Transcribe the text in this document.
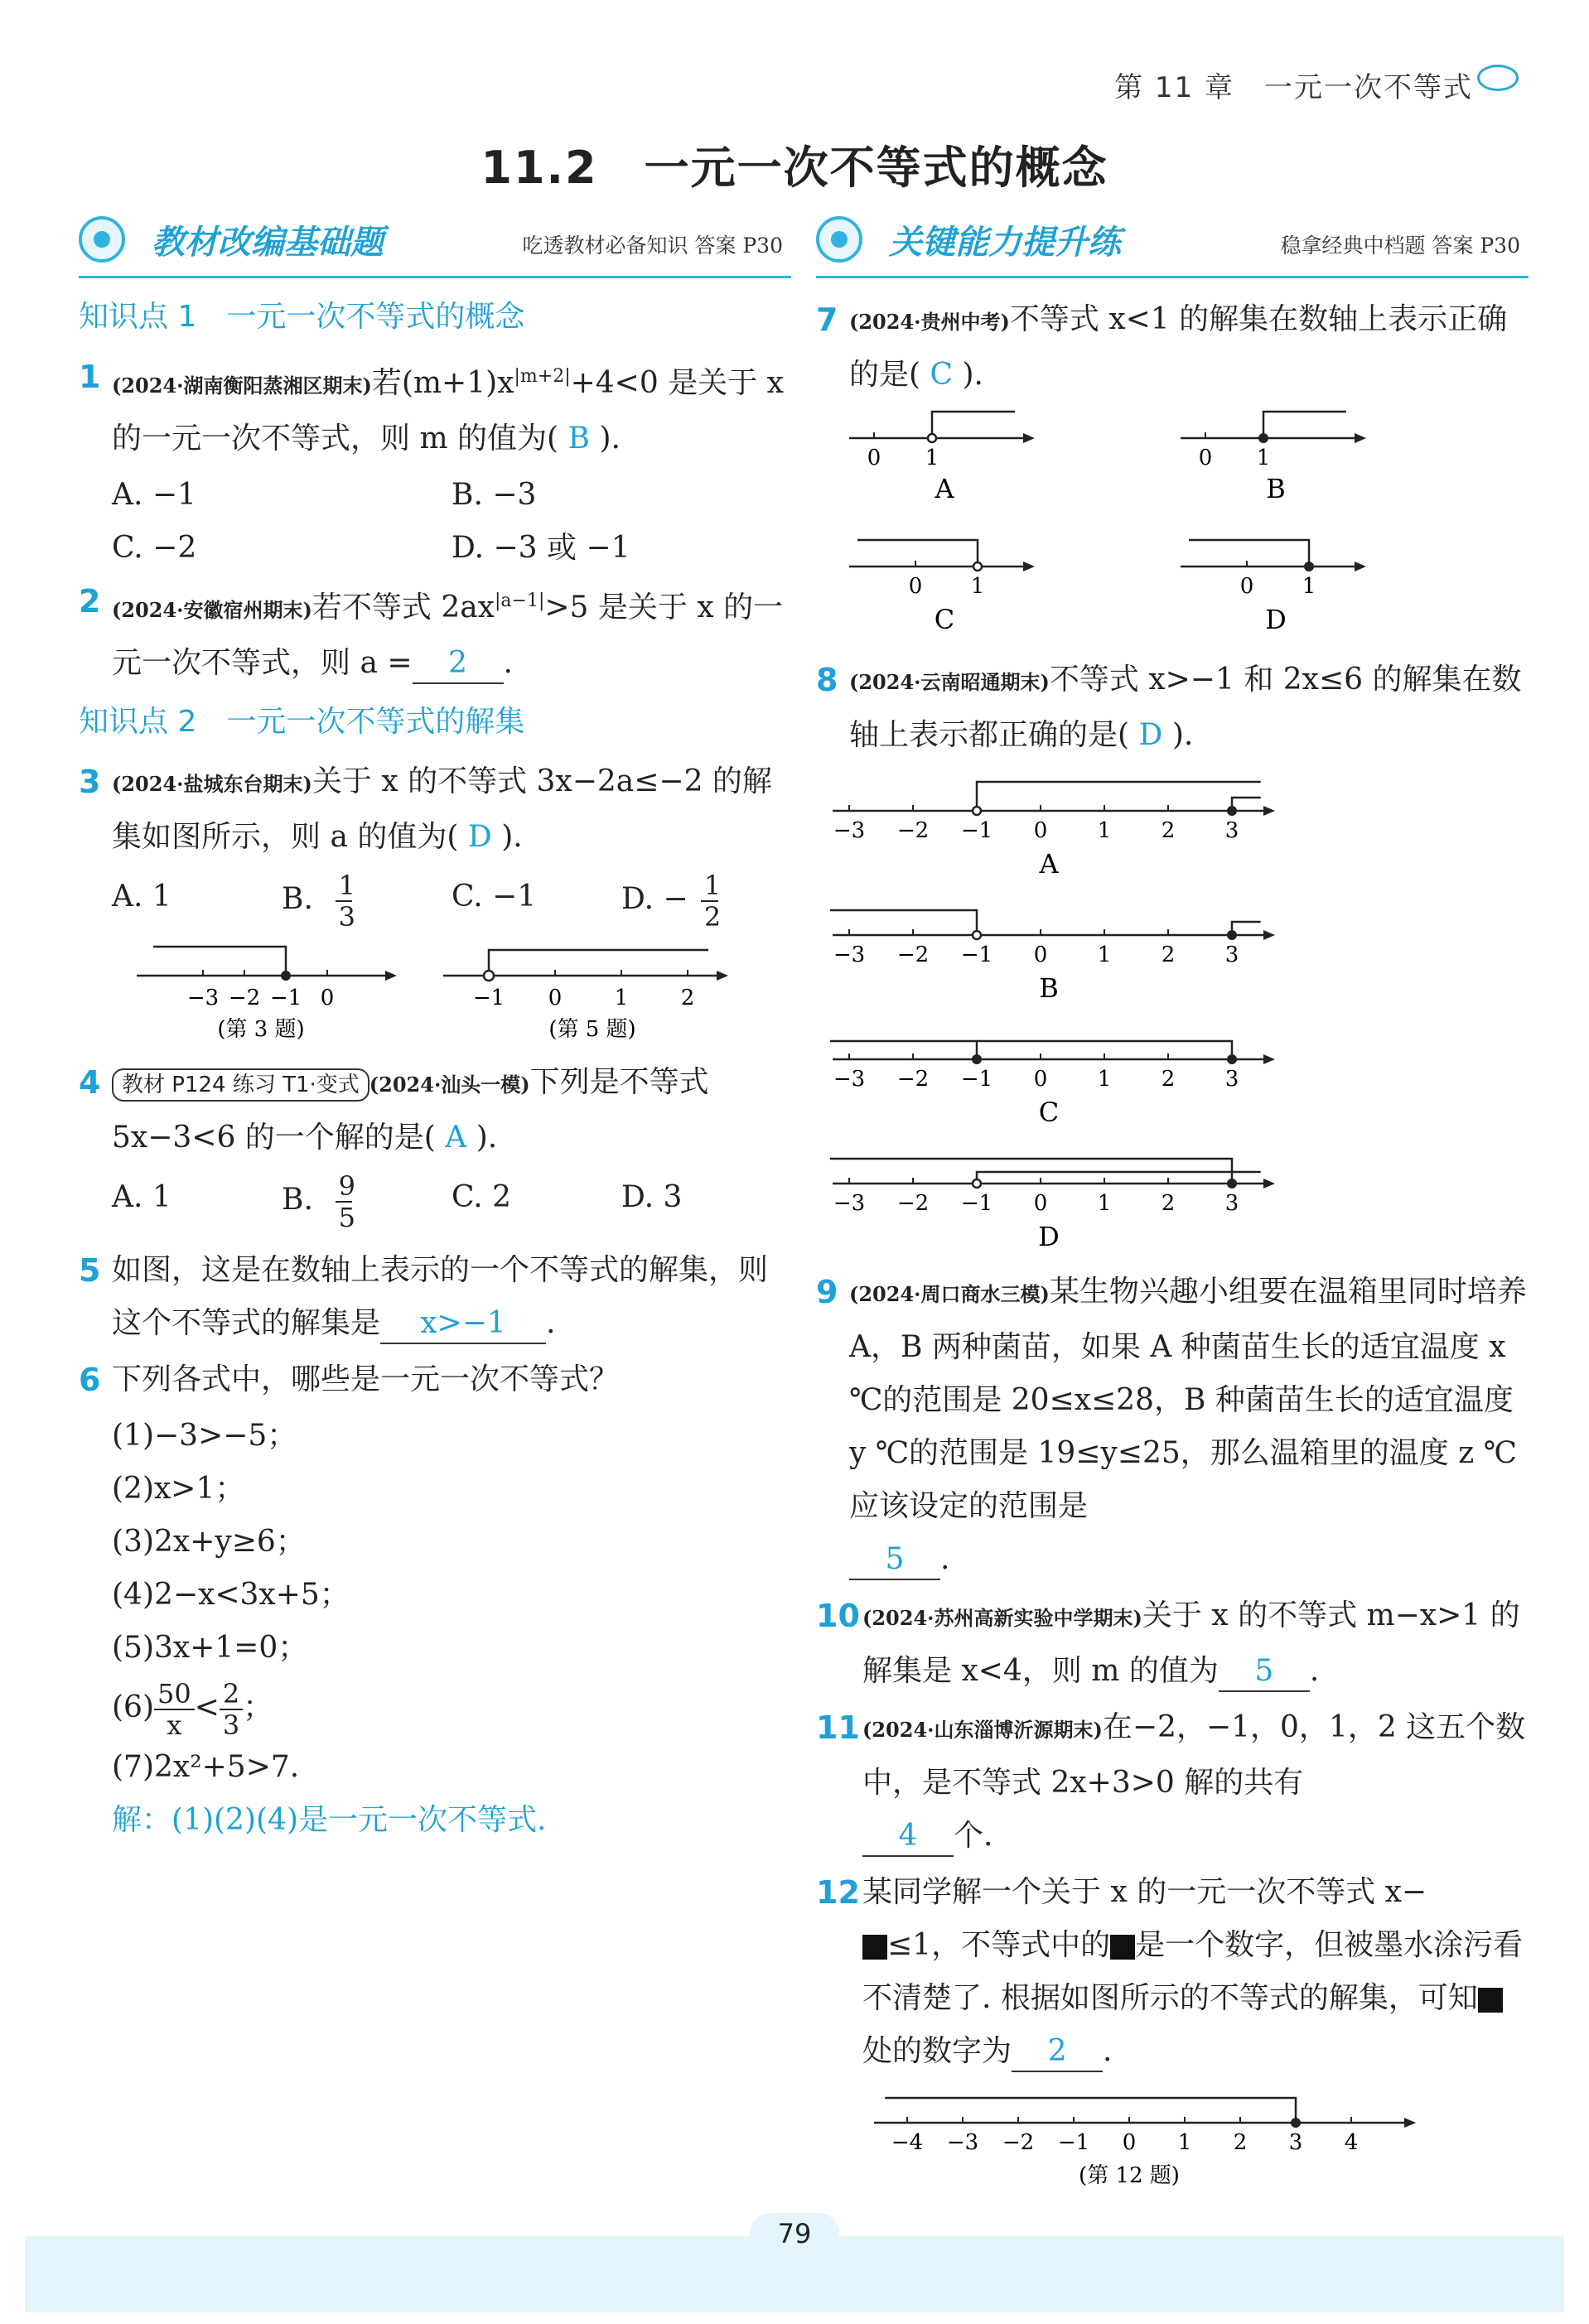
第 11 章　一元一次不等式
11.2　一元一次不等式的概念
教材改编基础题	吃透教材必备知识 答案 P30
知识点 1　一元一次不等式的概念
1 (2024·湖南衡阳蒸湘区期末)若$(m+1)x^{|m+2|}+4<0$ 是关于 x 的一元一次不等式，则 m 的值为( B ).
A. −1	B. −3
C. −2	D. −3 或 −1
2 (2024·安徽宿州期末)若不等式 $2ax^{|a-1|}>5$ 是关于 x 的一元一次不等式，则 a = 2 .
知识点 2　一元一次不等式的解集
3 (2024·盐城东台期末)关于 x 的不等式 3x−2a≤−2 的解集如图所示，则 a 的值为( D ).
A. 1	B. $\frac{1}{3}$	C. −1	D. − $\frac{1}{2}$
−3 −2 −1 0
(第 3 题)
−1 0 1 2
(第 5 题)
4 教材 P124 练习 T1·变式 (2024·汕头一模)下列是不等式 5x−3<6 的一个解的是( A ).
A. 1	B. $\frac{9}{5}$	C. 2	D. 3
5 如图，这是在数轴上表示的一个不等式的解集，则这个不等式的解集是 x>−1 .
6 下列各式中，哪些是一元一次不等式？
(1)−3>−5；
(2)x>1；
(3)2x+y≥6；
(4)2−x<3x+5；
(5)3x+1=0；
$(6) \frac{50}{x} < \frac{2}{3}$ ；
(7)2x²+5>7.
解：(1)(2)(4)是一元一次不等式.
关键能力提升练	稳拿经典中档题 答案 P30
7 (2024·贵州中考)不等式 x<1 的解集在数轴上表示正确的是( C ).
0 1
A
0 1
B
0 1
C
0 1
D
8 (2024·云南昭通期末)不等式 x>−1 和 2x≤6 的解集在数轴上表示都正确的是( D ).
−3 −2 −1 0 1 2 3
A
−3 −2 −1 0 1 2 3
B
−3 −2 −1 0 1 2 3
C
−3 −2 −1 0 1 2 3
D
9 (2024·周口商水三模)某生物兴趣小组要在温箱里同时培养 A，B 两种菌苗，如果 A 种菌苗生长的适宜温度 x ℃的范围是 20≤x≤28，B 种菌苗生长的适宜温度 y ℃的范围是 19≤y≤25，那么温箱里的温度 z ℃应该设定的范围是
5 .
10 (2024·苏州高新实验中学期末)关于 x 的不等式 m−x>1 的解集是 x<4，则 m 的值为 5 .
11 (2024·山东淄博沂源期末)在−2，−1，0，1，2 这五个数中，是不等式 2x+3>0 解的共有
4 个.
12 某同学解一个关于 x 的一元一次不等式 x−
≤1，不等式中的 是一个数字，但被墨水涂污看不清楚了. 根据如图所示的不等式的解集，可知处的数字为 2 .
−4 −3 −2 −1 0 1 2 3 4
(第 12 题)
79
